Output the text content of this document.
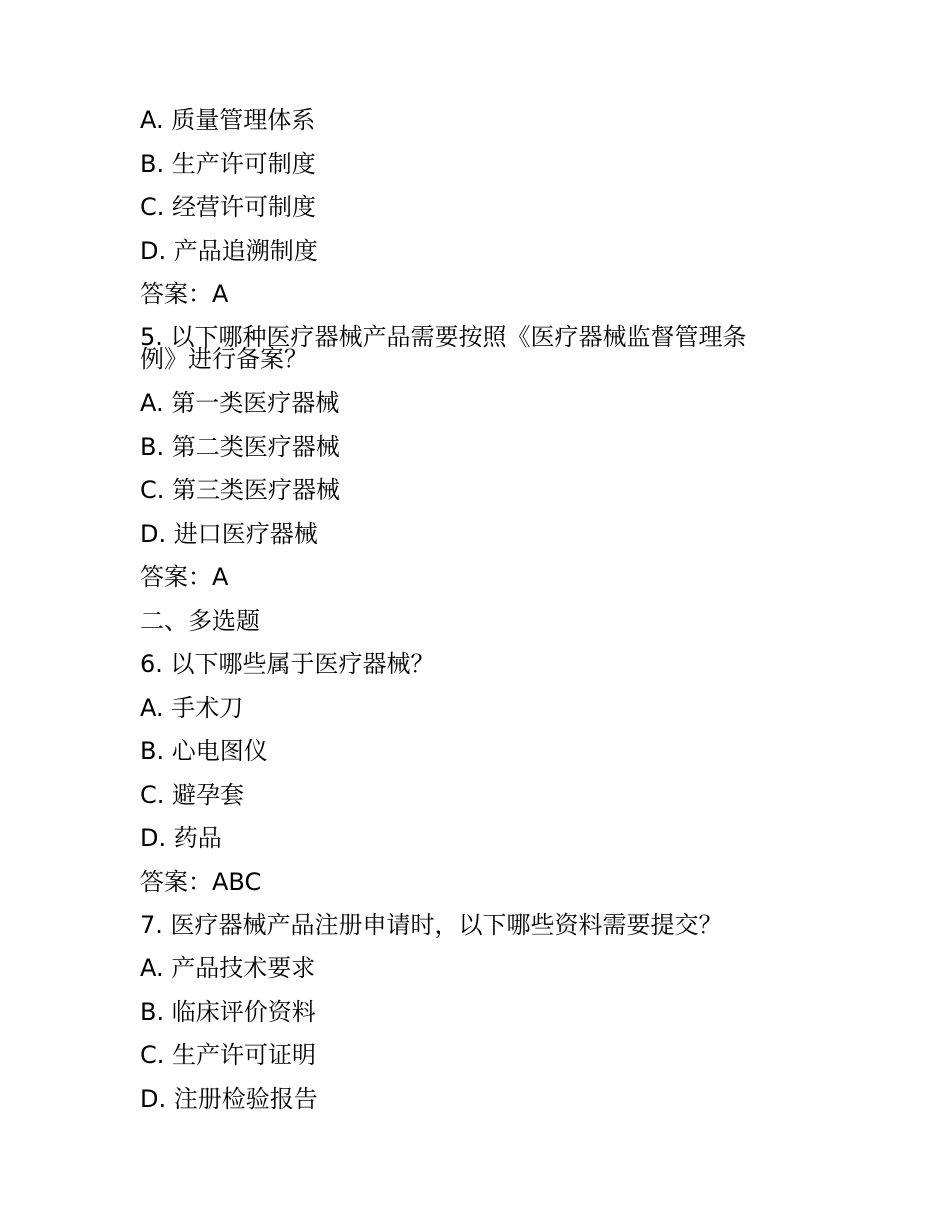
A. 质量管理体系
B. 生产许可制度
C. 经营许可制度
D. 产品追溯制度
答案：A
5. 以下哪种医疗器械产品需要按照《医疗器械监督管理条例》进行备案？
A. 第一类医疗器械
B. 第二类医疗器械
C. 第三类医疗器械
D. 进口医疗器械
答案：A
二、多选题
6. 以下哪些属于医疗器械？
A. 手术刀
B. 心电图仪
C. 避孕套
D. 药品
答案：ABC
7. 医疗器械产品注册申请时，以下哪些资料需要提交？
A. 产品技术要求
B. 临床评价资料
C. 生产许可证明
D. 注册检验报告
